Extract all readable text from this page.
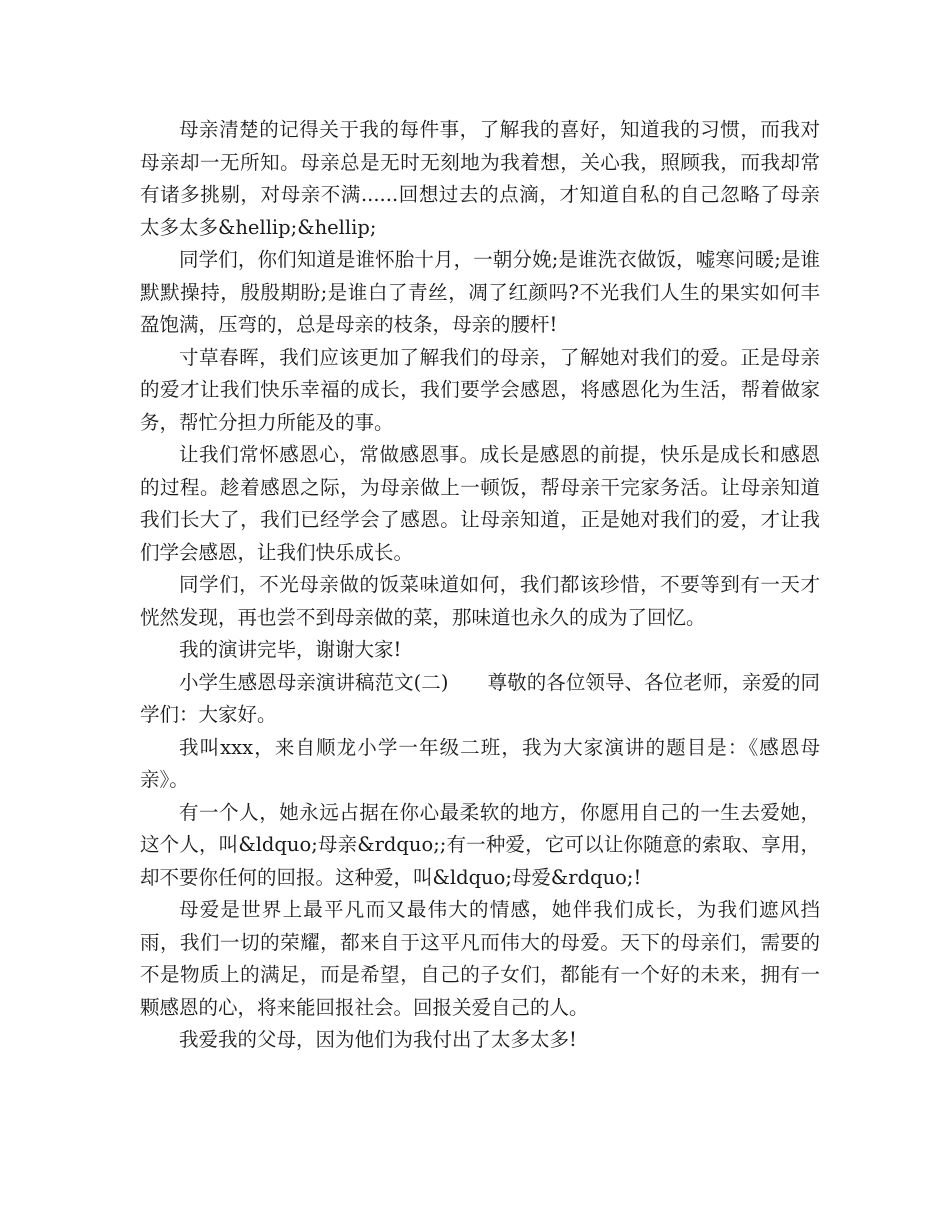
母亲清楚的记得关于我的每件事，了解我的喜好，知道我的习惯，而我对母亲却一无所知。母亲总是无时无刻地为我着想，关心我，照顾我，而我却常有诸多挑剔，对母亲不满......回想过去的点滴，才知道自私的自己忽略了母亲太多太多&hellip;&hellip;

同学们，你们知道是谁怀胎十月，一朝分娩;是谁洗衣做饭，嘘寒问暖;是谁默默操持，殷殷期盼;是谁白了青丝，凋了红颜吗?不光我们人生的果实如何丰盈饱满，压弯的，总是母亲的枝条，母亲的腰杆!

寸草春晖，我们应该更加了解我们的母亲，了解她对我们的爱。正是母亲的爱才让我们快乐幸福的成长，我们要学会感恩，将感恩化为生活，帮着做家务，帮忙分担力所能及的事。

让我们常怀感恩心，常做感恩事。成长是感恩的前提，快乐是成长和感恩的过程。趁着感恩之际，为母亲做上一顿饭，帮母亲干完家务活。让母亲知道我们长大了，我们已经学会了感恩。让母亲知道，正是她对我们的爱，才让我们学会感恩，让我们快乐成长。

同学们，不光母亲做的饭菜味道如何，我们都该珍惜，不要等到有一天才恍然发现，再也尝不到母亲做的菜，那味道也永久的成为了回忆。

我的演讲完毕，谢谢大家!

小学生感恩母亲演讲稿范文(二)　　尊敬的各位领导、各位老师，亲爱的同学们：大家好。

我叫xxx，来自顺龙小学一年级二班，我为大家演讲的题目是：《感恩母亲》。

有一个人，她永远占据在你心最柔软的地方，你愿用自己的一生去爱她，这个人，叫&ldquo;母亲&rdquo;;有一种爱，它可以让你随意的索取、享用，却不要你任何的回报。这种爱，叫&ldquo;母爱&rdquo;!

母爱是世界上最平凡而又最伟大的情感，她伴我们成长，为我们遮风挡雨，我们一切的荣耀，都来自于这平凡而伟大的母爱。天下的母亲们，需要的不是物质上的满足，而是希望，自己的子女们，都能有一个好的未来，拥有一颗感恩的心，将来能回报社会。回报关爱自己的人。

我爱我的父母，因为他们为我付出了太多太多!
